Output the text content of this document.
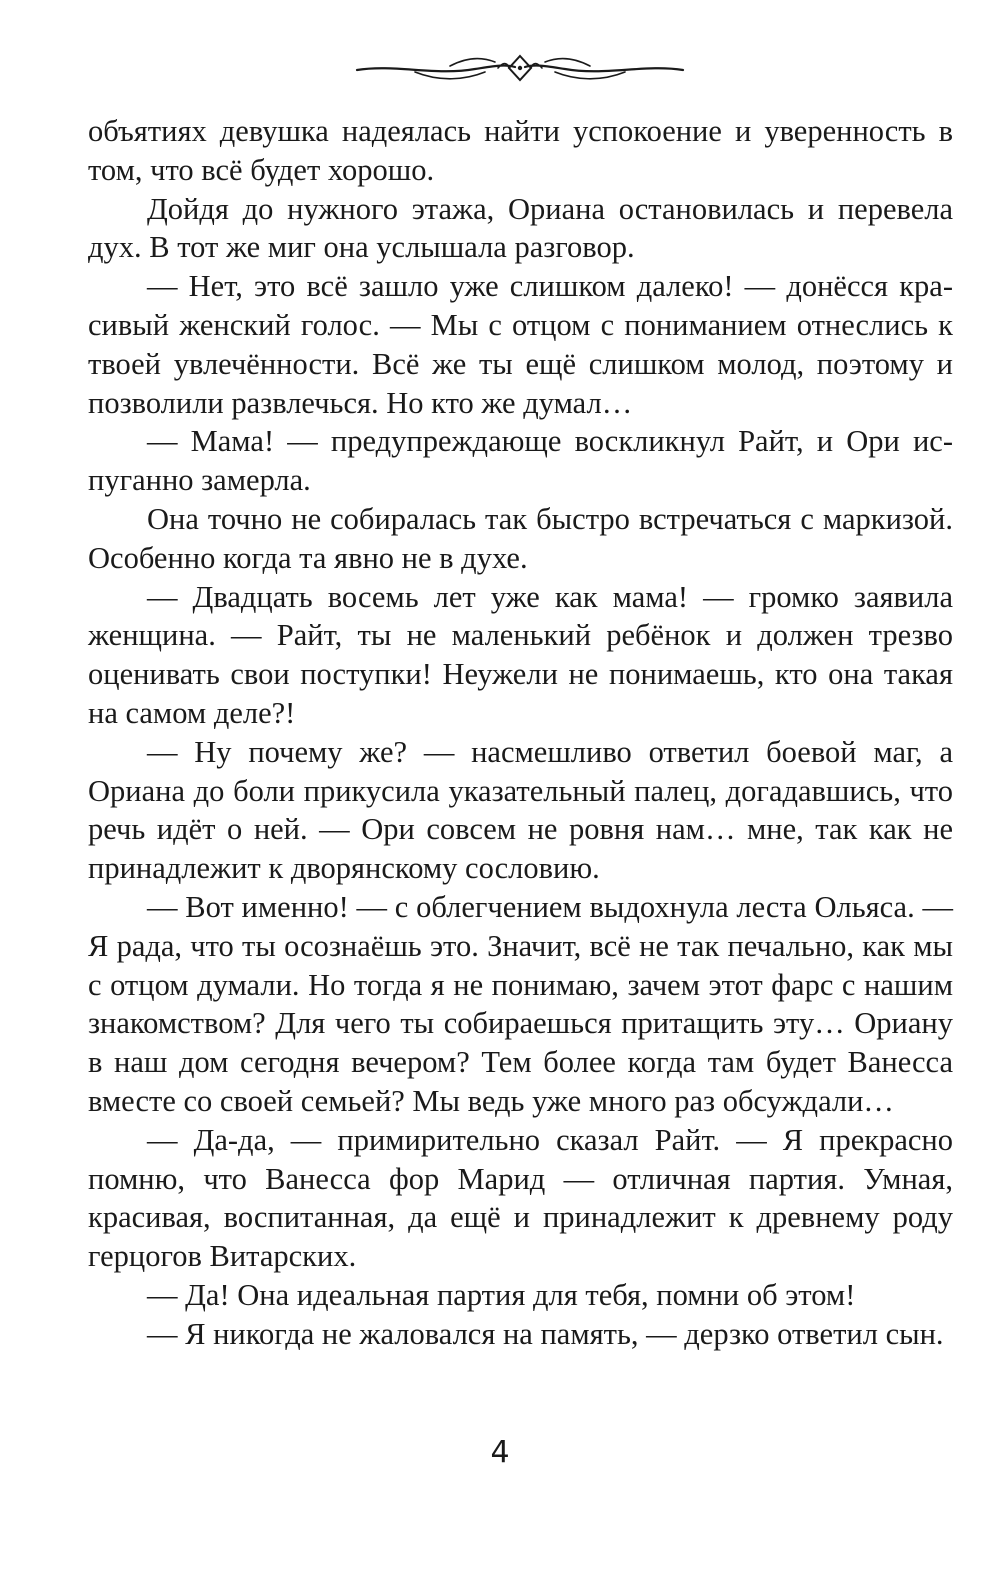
объятиях девушка надеялась найти успокоение и уверенность в том, что всё будет хорошо.

Дойдя до нужного этажа, Ориана остановилась и перевела дух. В тот же миг она услышала разговор.

— Нет, это всё зашло уже слишком далеко! — донёсся красивый женский голос. — Мы с отцом с пониманием отнеслись к твоей увлечённости. Всё же ты ещё слишком молод, поэтому и позволили развлечься. Но кто же думал…

— Мама! — предупреждающе воскликнул Райт, и Ори испуганно замерла.

Она точно не собиралась так быстро встречаться с маркизой. Особенно когда та явно не в духе.

— Двадцать восемь лет уже как мама! — громко заявила женщина. — Райт, ты не маленький ребёнок и должен трезво оценивать свои поступки! Неужели не понимаешь, кто она такая на самом деле?!

— Ну почему же? — насмешливо ответил боевой маг, а Ориана до боли прикусила указательный палец, догадавшись, что речь идёт о ней. — Ори совсем не ровня нам… мне, так как не принадлежит к дворянскому сословию.

— Вот именно! — с облегчением выдохнула леста Ольяса. — Я рада, что ты осознаёшь это. Значит, всё не так печально, как мы с отцом думали. Но тогда я не понимаю, зачем этот фарс с нашим знакомством? Для чего ты собираешься притащить эту… Ориану в наш дом сегодня вечером? Тем более когда там будет Ванесса вместе со своей семьей? Мы ведь уже много раз обсуждали…

— Да-да, — примирительно сказал Райт. — Я прекрасно помню, что Ванесса фор Марид — отличная партия. Умная, красивая, воспитанная, да ещё и принадлежит к древнему роду герцогов Витарских.

— Да! Она идеальная партия для тебя, помни об этом!

— Я никогда не жаловался на память, — дерзко ответил сын.

4
